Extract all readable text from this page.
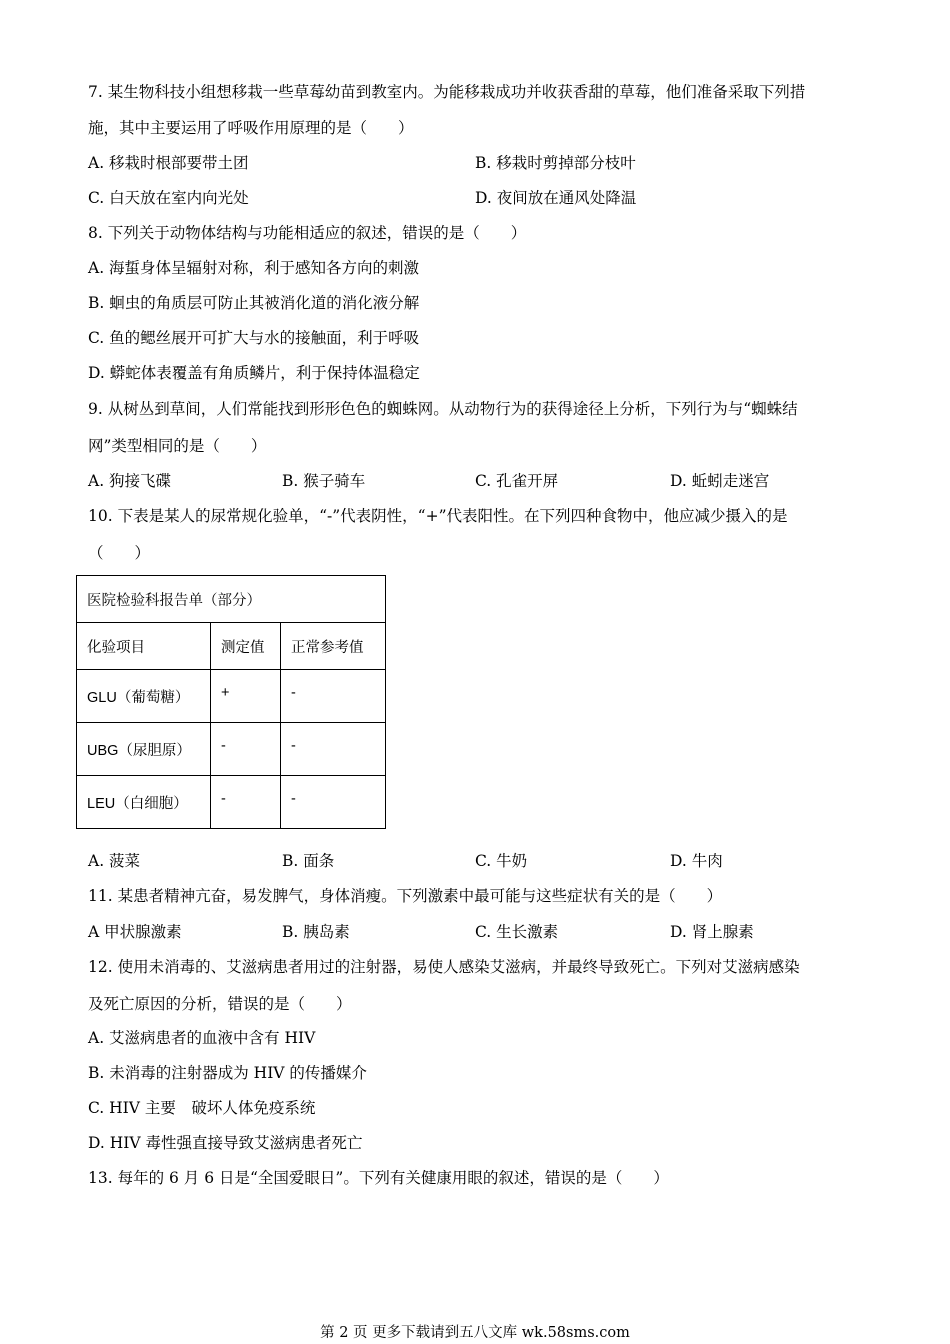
7. 某生物科技小组想移栽一些草莓幼苗到教室内。为能移栽成功并收获香甜的草莓，他们准备采取下列措
施，其中主要运用了呼吸作用原理的是（　　）
A. 移栽时根部要带土团	B. 移栽时剪掉部分枝叶
C. 白天放在室内向光处	D. 夜间放在通风处降温
8. 下列关于动物体结构与功能相适应的叙述，错误的是（　　）
A. 海蜇身体呈辐射对称，利于感知各方向的刺激
B. 蛔虫的角质层可防止其被消化道的消化液分解
C. 鱼的鳃丝展开可扩大与水的接触面，利于呼吸
D. 蟒蛇体表覆盖有角质鳞片，利于保持体温稳定
9. 从树丛到草间，人们常能找到形形色色的蜘蛛网。从动物行为的获得途径上分析，下列行为与“蜘蛛结
网”类型相同的是（　　）
A. 狗接飞碟	B. 猴子骑车	C. 孔雀开屏	D. 蚯蚓走迷宫
10. 下表是某人的尿常规化验单，“-”代表阴性，“+”代表阳性。在下列四种食物中，他应减少摄入的是
（　　）
医院检验科报告单（部分）		
化验项目	测定值	正常参考值
GLU（葡萄糖）	+	-
UBG（尿胆原）	-	-
LEU（白细胞）	-	-
A. 菠菜	B. 面条	C. 牛奶	D. 牛肉
11. 某患者精神亢奋，易发脾气，身体消瘦。下列激素中最可能与这些症状有关的是（　　）
A 甲状腺激素	B. 胰岛素	C. 生长激素	D. 肾上腺素
12. 使用未消毒的、艾滋病患者用过的注射器，易使人感染艾滋病，并最终导致死亡。下列对艾滋病感染
及死亡原因的分析，错误的是（　　）
A. 艾滋病患者的血液中含有 HIV
B. 未消毒的注射器成为 HIV 的传播媒介
C. HIV 主要　破坏人体免疫系统
D. HIV 毒性强直接导致艾滋病患者死亡
13. 每年的 6 月 6 日是“全国爱眼日”。下列有关健康用眼的叙述，错误的是（　　）
第 2 页 更多下载请到五八文库 wk.58sms.com
